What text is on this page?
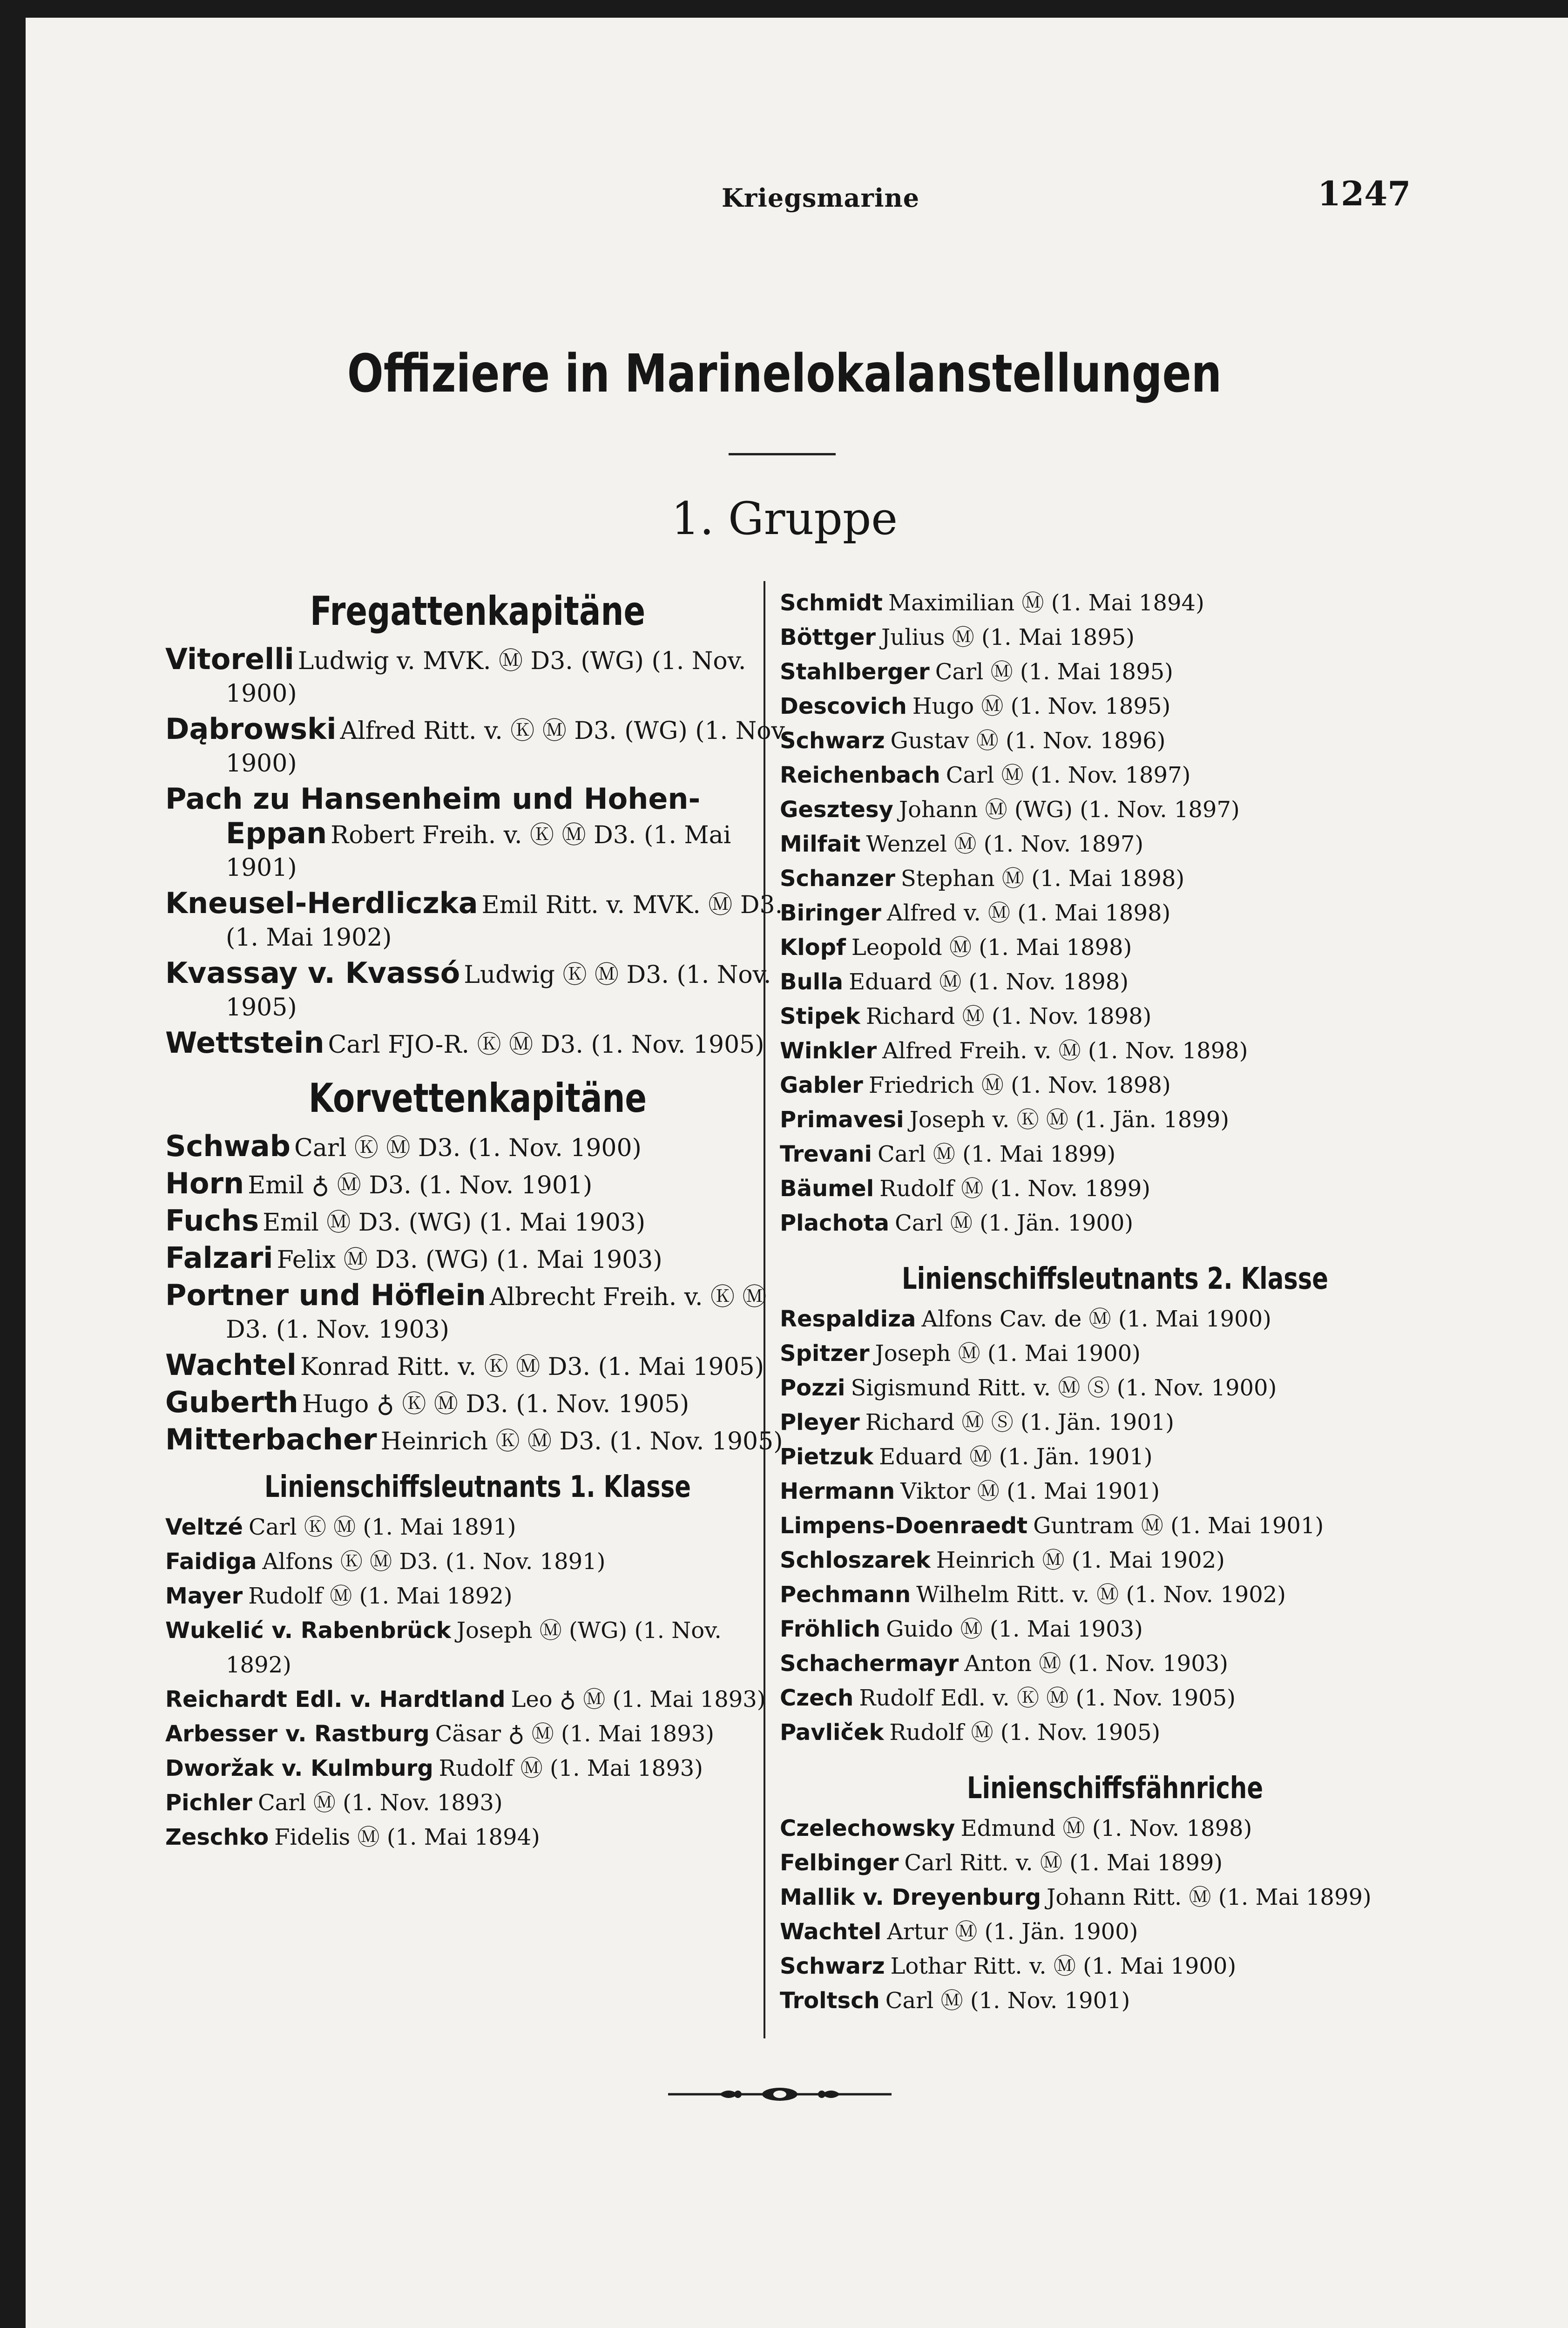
Kriegsmarine	1247
Offiziere in Marinelokalanstellungen
1. Gruppe
Fregattenkapitäne

Vitorelli Ludwig v. MVK. Ⓜ D3. (WG) (1. Nov. 1900)

Dąbrowski Alfred Ritt. v. Ⓚ Ⓜ D3. (WG) (1. Nov. 1900)

Pach zu Hansenheim und Hohen-Eppan Robert Freih. v. Ⓚ Ⓜ D3. (1. Mai 1901)

Kneusel-Herdliczka Emil Ritt. v. MVK. Ⓜ D3. (1. Mai 1902)

Kvassay v. Kvassó Ludwig Ⓚ Ⓜ D3. (1. Nov. 1905)

Wettstein Carl FJO-R. Ⓚ Ⓜ D3. (1. Nov. 1905)

Korvettenkapitäne

Schwab Carl Ⓚ Ⓜ D3. (1. Nov. 1900)

Horn Emil ♁ Ⓜ D3. (1. Nov. 1901)

Fuchs Emil Ⓜ D3. (WG) (1. Mai 1903)

Falzari Felix Ⓜ D3. (WG) (1. Mai 1903)

Portner und Höflein Albrecht Freih. v. Ⓚ Ⓜ D3. (1. Nov. 1903)

Wachtel Konrad Ritt. v. Ⓚ Ⓜ D3. (1. Mai 1905)

Guberth Hugo ♁ Ⓚ Ⓜ D3. (1. Nov. 1905)

Mitterbacher Heinrich Ⓚ Ⓜ D3. (1. Nov. 1905)

Linienschiffsleutnants 1. Klasse

Veltzé Carl Ⓚ Ⓜ (1. Mai 1891)

Faidiga Alfons Ⓚ Ⓜ D3. (1. Nov. 1891)

Mayer Rudolf Ⓜ (1. Mai 1892)

Wukelić v. Rabenbrück Joseph Ⓜ (WG) (1. Nov. 1892)

Reichardt Edl. v. Hardtland Leo ♁ Ⓜ (1. Mai 1893)

Arbesser v. Rastburg Cäsar ♁ Ⓜ (1. Mai 1893)

Dworžak v. Kulmburg Rudolf Ⓜ (1. Mai 1893)

Pichler Carl Ⓜ (1. Nov. 1893)

Zeschko Fidelis Ⓜ (1. Mai 1894)

Schmidt Maximilian Ⓜ (1. Mai 1894)

Böttger Julius Ⓜ (1. Mai 1895)

Stahlberger Carl Ⓜ (1. Mai 1895)

Descovich Hugo Ⓜ (1. Nov. 1895)

Schwarz Gustav Ⓜ (1. Nov. 1896)

Reichenbach Carl Ⓜ (1. Nov. 1897)

Gesztesy Johann Ⓜ (WG) (1. Nov. 1897)

Milfait Wenzel Ⓜ (1. Nov. 1897)

Schanzer Stephan Ⓜ (1. Mai 1898)

Biringer Alfred v. Ⓜ (1. Mai 1898)

Klopf Leopold Ⓜ (1. Mai 1898)

Bulla Eduard Ⓜ (1. Nov. 1898)

Stipek Richard Ⓜ (1. Nov. 1898)

Winkler Alfred Freih. v. Ⓜ (1. Nov. 1898)

Gabler Friedrich Ⓜ (1. Nov. 1898)

Primavesi Joseph v. Ⓚ Ⓜ (1. Jän. 1899)

Trevani Carl Ⓜ (1. Mai 1899)

Bäumel Rudolf Ⓜ (1. Nov. 1899)

Plachota Carl Ⓜ (1. Jän. 1900)

Linienschiffsleutnants 2. Klasse

Respaldiza Alfons Cav. de Ⓜ (1. Mai 1900)

Spitzer Joseph Ⓜ (1. Mai 1900)

Pozzi Sigismund Ritt. v. Ⓜ Ⓢ (1. Nov. 1900)

Pleyer Richard Ⓜ Ⓢ (1. Jän. 1901)

Pietzuk Eduard Ⓜ (1. Jän. 1901)

Hermann Viktor Ⓜ (1. Mai 1901)

Limpens-Doenraedt Guntram Ⓜ (1. Mai 1901)

Schloszarek Heinrich Ⓜ (1. Mai 1902)

Pechmann Wilhelm Ritt. v. Ⓜ (1. Nov. 1902)

Fröhlich Guido Ⓜ (1. Mai 1903)

Schachermayr Anton Ⓜ (1. Nov. 1903)

Czech Rudolf Edl. v. Ⓚ Ⓜ (1. Nov. 1905)

Pavliček Rudolf Ⓜ (1. Nov. 1905)

Linienschiffsfähnriche

Czelechowsky Edmund Ⓜ (1. Nov. 1898)

Felbinger Carl Ritt. v. Ⓜ (1. Mai 1899)

Mallik v. Dreyenburg Johann Ritt. Ⓜ (1. Mai 1899)

Wachtel Artur Ⓜ (1. Jän. 1900)

Schwarz Lothar Ritt. v. Ⓜ (1. Mai 1900)

Troltsch Carl Ⓜ (1. Nov. 1901)
